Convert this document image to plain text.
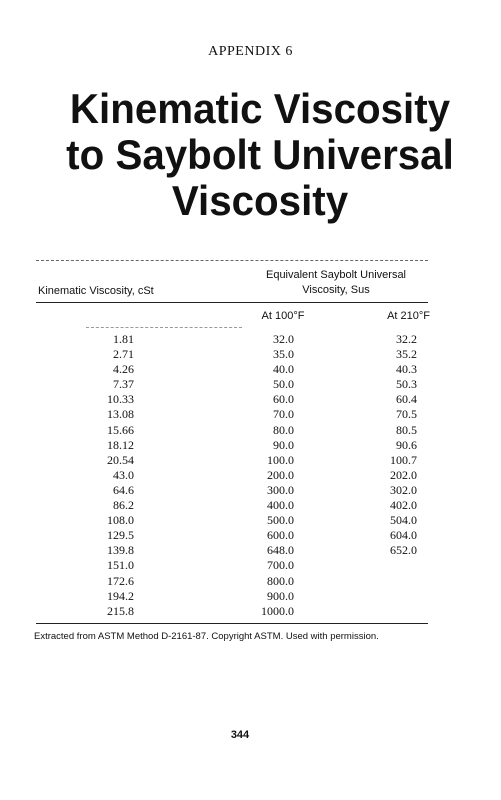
APPENDIX 6
Kinematic Viscosity
to Saybolt Universal
Viscosity
Equivalent Saybolt Universal
Viscosity, Sus
Kinematic Viscosity, cSt
At 100°F	At 210°F
1.81	32.0	32.2
2.71	35.0	35.2
4.26	40.0	40.3
7.37	50.0	50.3
10.33	60.0	60.4
13.08	70.0	70.5
15.66	80.0	80.5
18.12	90.0	90.6
20.54	100.0	100.7
43.0	200.0	202.0
64.6	300.0	302.0
86.2	400.0	402.0
108.0	500.0	504.0
129.5	600.0	604.0
139.8	648.0	652.0
151.0	700.0
172.6	800.0
194.2	900.0
215.8	1000.0
Extracted from ASTM Method D-2161-87. Copyright ASTM. Used with permission.
344
